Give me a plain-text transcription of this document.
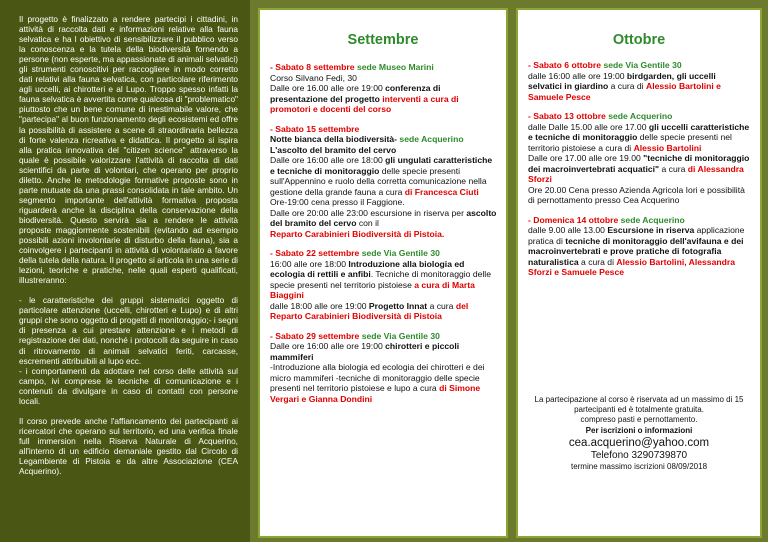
Il progetto è finalizzato a rendere partecipi i cittadini, in attività di raccolta dati e informazioni relative alla fauna selvatica e ha l obiettivo di sensibilizzare il pubblico verso la conoscenza e la tutela della biodiversità fornendo a persone (non esperte, ma appassionate di animali selvatici) gli strumenti conoscitivi per raccogliere in modo corretto dati relativi alla fauna selvatica, con particolare riferimento agli uccelli, ai chirotteri e al Lupo. Troppo spesso infatti la fauna selvatica è avvertita come qualcosa di "problematico" piuttosto che un bene comune di inestimabile valore, che "partecipa" al buon funzionamento degli ecosistemi ed offre la possibilità di assistere a scene di straordinaria bellezza di forte valenza ricreativa e didattica. Il progetto si ispira alla pratica innovativa del "citizen science" attraverso la quale è possibile valorizzare l'attività di raccolta di dati scientifici da parte di volontari, che operano per proprio diletto. Anche le metodologie formative proposte sono in parte mutuate da una prassi consolidata in tale ambito. Un segmento importante dell'attività formativa proposta riguarderà anche la disciplina della conservazione della biodiversità. Questo servirà sia a rendere le attività proposte maggiormente sostenibili (evitando ad esempio possibili azioni involontarie di disturbo della fauna), sia a coinvolgere i partecipanti in attività di volontariato a favore della tutela della natura. Il progetto si articola in una serie di lezioni, teoriche e pratiche, nelle quali esperti qualificati, illustreranno:

- le caratteristiche dei gruppi sistematici oggetto di particolare attenzione (uccelli, chirotteri e Lupo) e di altri gruppi che sono oggetto di progetti di monitoraggio;- i segni di presenza a cui prestare attenzione e i metodi di registrazione dei dati, nonché i protocolli da seguire in caso di ritrovamento di animali selvatici feriti, carcasse, escrementi attribuibili al lupo ecc.

- i comportamenti da adottare nel corso delle attività sul campo, ivi comprese le tecniche di comunicazione e i contenuti da divulgare in caso di contatti con persone locali.

Il corso prevede anche l'affiancamento dei partecipanti ai ricercatori che operano sul territorio, ed una verifica finale full immersion nella Riserva Naturale di Acquerino, all'interno di un edificio demaniale gestito dal Circolo di Legambiente di Pistoia e da altre Associazione (CEA Acquerino).

Settembre
- Sabato 8 settembre sede Museo Marini
Corso Silvano Fedi, 30
Dalle ore 16.00 alle ore 19:00 conferenza di presentazione del progetto interventi a cura di promotori e docenti del corso
- Sabato 15 settembre
Notte bianca della biodiversità- sede Acquerino L'ascolto del bramito del cervo
Dalle ore 16:00 alle ore 18:00 gli ungulati caratteristiche e tecniche di monitoraggio delle specie presenti sull'Appennino e ruolo della corretta comunicazione nella gestione della grande fauna a cura di Francesca Ciuti
Ore-19:00 cena presso il Faggione.
Dalle ore 20:00 alle 23:00 escursione in riserva per ascolto del bramito del cervo con il
Reparto Carabinieri Biodiversità di Pistoia.
- Sabato 22 settembre sede Via Gentile 30
16:00 alle ore 18:00 Introduzione alla biologia ed ecologia di rettili e anfibi. Tecniche di monitoraggio delle specie presenti nel territorio pistoiese a cura di Marta Biaggini
dalle 18:00 alle ore 19:00 Progetto Innat a cura del Reparto Carabinieri Biodiversità di Pistoia
- Sabato 29 settembre sede Via Gentile 30
Dalle ore 16:00 alle ore 19:00 chirotteri e piccoli mammiferi
-Introduzione alla biologia ed ecologia dei chirotteri e dei micro mammiferi -tecniche di monitoraggio delle specie presenti nel territorio pistoiese e lupo a cura di Simone Vergari e Gianna Dondini
Ottobre
- Sabato 6 ottobre sede Via Gentile 30
dalle 16:00 alle ore 19:00 birdgarden, gli uccelli selvatici in giardino a cura di Alessio Bartolini e Samuele Pesce
- Sabato 13 ottobre sede Acquerino
dalle Dalle 15.00 alle ore 17.00 gli uccelli caratteristiche e tecniche di monitoraggio delle specie presenti nel territorio pistoiese a cura di Alessio Bartolini
Dalle ore 17.00 alle ore 19.00 "tecniche di monitoraggio dei macroinvertebrati acquatici" a cura di Alessandra Sforzi
Ore 20.00 Cena presso Azienda Agricola Iori e possibilità di pernottamento presso Cea Acquerino
- Domenica 14 ottobre sede Acquerino
dalle 9.00 alle 13.00 Escursione in riserva applicazione pratica di tecniche di monitoraggio dell'avifauna e dei macroinvertebrati e prove pratiche di fotografia naturalistica a cura di Alessio Bartolini, Alessandra Sforzi e Samuele Pesce
La partecipazione al corso è riservata ad un massimo di 15 partecipanti ed è totalmente gratuita.
compreso pasti e pernottamento.
Per iscrizioni o informazioni
cea.acquerino@yahoo.com
Telefono 3290739870
termine massimo iscrizioni 08/09/2018
